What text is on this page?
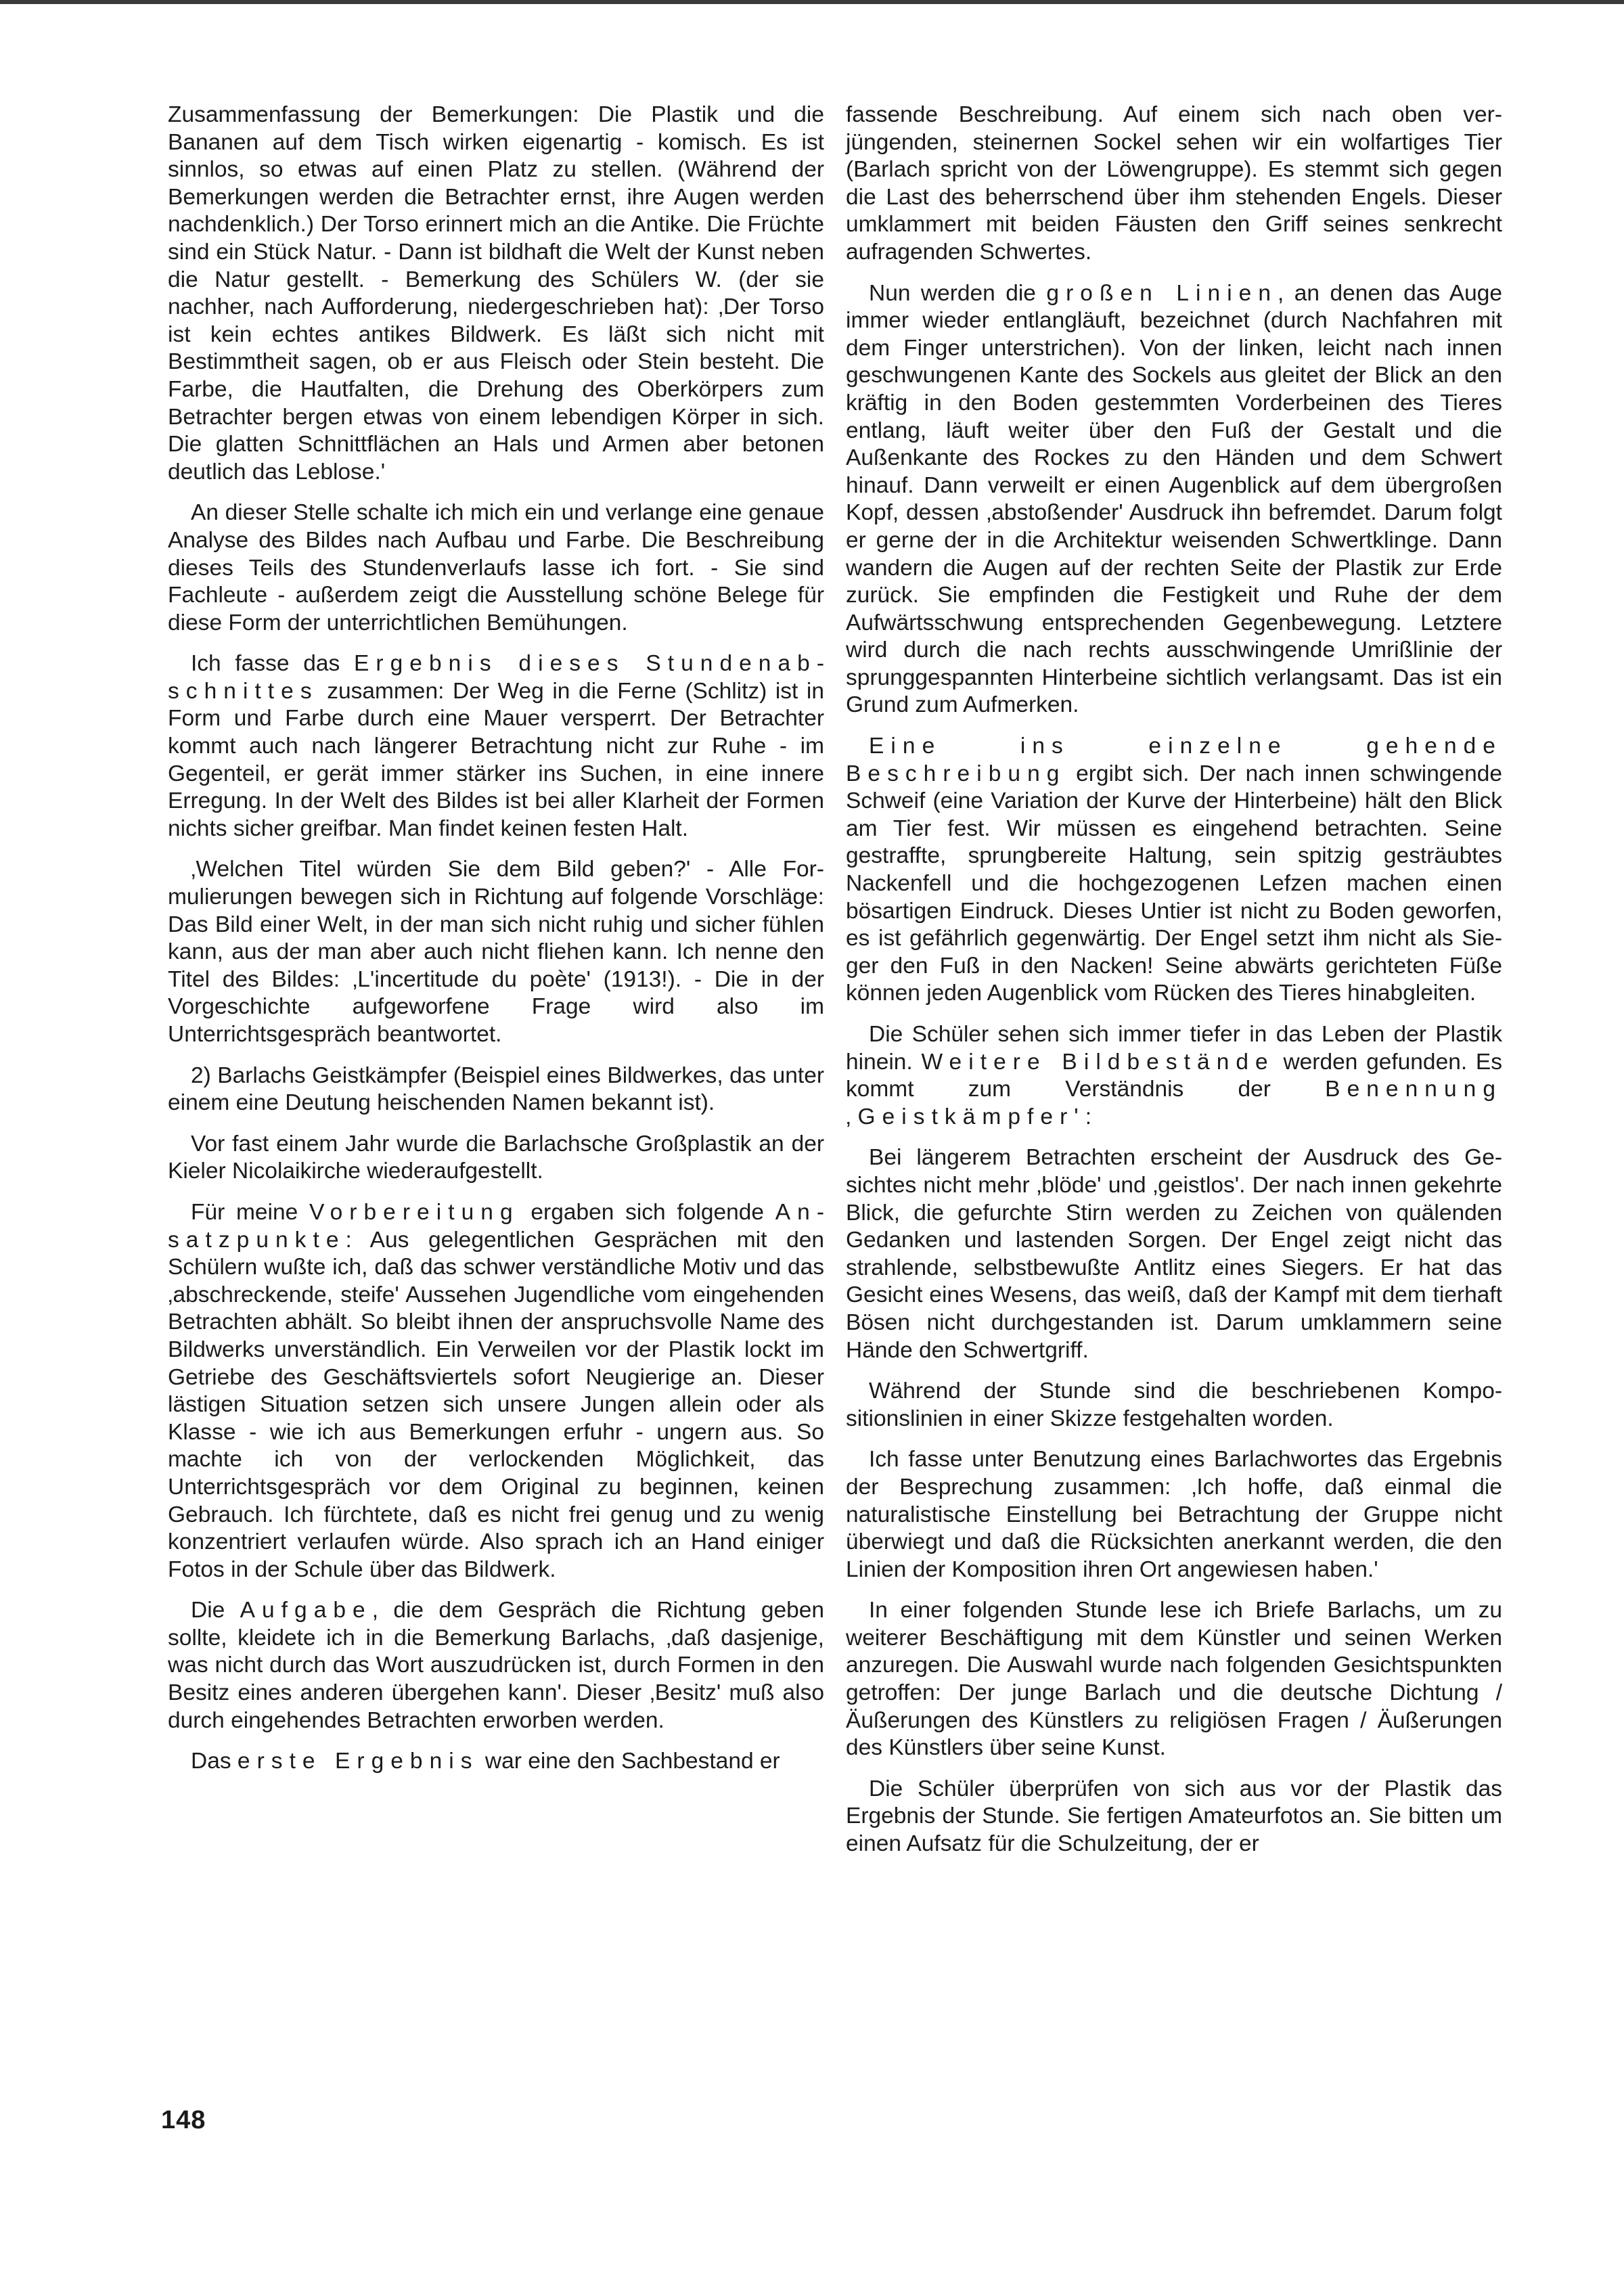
Zusammenfassung der Bemerkungen: Die Plastik und die Bananen auf dem Tisch wirken eigenartig - komisch. Es ist sinnlos, so etwas auf einen Platz zu stellen. (Während der Bemerkungen werden die Betrachter ernst, ihre Augen werden nachdenklich.) Der Torso erinnert mich an die Antike. Die Früchte sind ein Stück Natur. - Dann ist bildhaft die Welt der Kunst neben die Natur gestellt. - Bemerkung des Schülers W. (der sie nachher, nach Aufforderung, niedergeschrieben hat): ‚Der Torso ist kein echtes antikes Bildwerk. Es läßt sich nicht mit Bestimmtheit sagen, ob er aus Fleisch oder Stein besteht. Die Farbe, die Hautfalten, die Drehung des Oberkörpers zum Betrachter bergen etwas von einem lebendigen Körper in sich. Die glatten Schnittflächen an Hals und Armen aber betonen deutlich das Leblose.'

An dieser Stelle schalte ich mich ein und verlange eine genaue Analyse des Bildes nach Aufbau und Farbe. Die Beschreibung dieses Teils des Stundenverlaufs lasse ich fort. - Sie sind Fachleute - außerdem zeigt die Ausstellung schöne Belege für diese Form der unterrichtlichen Bemühungen.

Ich fasse das Ergebnis dieses Stundenabschnittes zusammen: Der Weg in die Ferne (Schlitz) ist in Form und Farbe durch eine Mauer versperrt. Der Betrachter kommt auch nach längerer Betrachtung nicht zur Ruhe - im Gegenteil, er gerät immer stärker ins Suchen, in eine innere Erregung. In der Welt des Bildes ist bei aller Klarheit der Formen nichts sicher greifbar. Man findet keinen festen Halt.

‚Welchen Titel würden Sie dem Bild geben?' - Alle Formulierungen bewegen sich in Richtung auf folgende Vorschläge: Das Bild einer Welt, in der man sich nicht ruhig und sicher fühlen kann, aus der man aber auch nicht fliehen kann. Ich nenne den Titel des Bildes: ‚L'incertitude du poète' (1913!). - Die in der Vorgeschichte aufgeworfene Frage wird also im Unterrichtsgespräch beantwortet.

2) Barlachs Geistkämpfer (Beispiel eines Bildwerkes, das unter einem eine Deutung heischenden Namen bekannt ist).

Vor fast einem Jahr wurde die Barlachsche Großplastik an der Kieler Nicolaikirche wiederaufgestellt.

Für meine Vorbereitung ergaben sich folgende Ansatzpunkte: Aus gelegentlichen Gesprächen mit den Schülern wußte ich, daß das schwer verständliche Motiv und das ‚abschreckende, steife' Aussehen Jugendliche vom eingehenden Betrachten abhält. So bleibt ihnen der anspruchsvolle Name des Bildwerks unverständlich. Ein Verweilen vor der Plastik lockt im Getriebe des Geschäftsviertels sofort Neugierige an. Dieser lästigen Situation setzen sich unsere Jungen allein oder als Klasse - wie ich aus Bemerkungen erfuhr - ungern aus. So machte ich von der verlockenden Möglichkeit, das Unterrichtsgespräch vor dem Original zu beginnen, keinen Gebrauch. Ich fürchtete, daß es nicht frei genug und zu wenig konzentriert verlaufen würde. Also sprach ich an Hand einiger Fotos in der Schule über das Bildwerk.

Die Aufgabe, die dem Gespräch die Richtung geben sollte, kleidete ich in die Bemerkung Barlachs, ‚daß dasjenige, was nicht durch das Wort auszudrücken ist, durch Formen in den Besitz eines anderen übergehen kann'. Dieser ‚Besitz' muß also durch eingehendes Betrachten erworben werden.

Das erste Ergebnis war eine den Sachbestand er

fassende Beschreibung. Auf einem sich nach oben verjüngenden, steinernen Sockel sehen wir ein wolfartiges Tier (Barlach spricht von der Löwengruppe). Es stemmt sich gegen die Last des beherrschend über ihm stehenden Engels. Dieser umklammert mit beiden Fäusten den Griff seines senkrecht aufragenden Schwertes.

Nun werden die großen Linien, an denen das Auge immer wieder entlangläuft, bezeichnet (durch Nachfahren mit dem Finger unterstrichen). Von der linken, leicht nach innen geschwungenen Kante des Sockels aus gleitet der Blick an den kräftig in den Boden gestemmten Vorderbeinen des Tieres entlang, läuft weiter über den Fuß der Gestalt und die Außenkante des Rockes zu den Händen und dem Schwert hinauf. Dann verweilt er einen Augenblick auf dem übergroßen Kopf, dessen ‚abstoßender' Ausdruck ihn befremdet. Darum folgt er gerne der in die Architektur weisenden Schwertklinge. Dann wandern die Augen auf der rechten Seite der Plastik zur Erde zurück. Sie empfinden die Festigkeit und Ruhe der dem Aufwärtsschwung entsprechenden Gegenbewegung. Letztere wird durch die nach rechts ausschwingende Umrißlinie der sprunggespannten Hinterbeine sichtlich verlangsamt. Das ist ein Grund zum Aufmerken.

Eine ins einzelne gehende Beschreibung ergibt sich. Der nach innen schwingende Schweif (eine Variation der Kurve der Hinterbeine) hält den Blick am Tier fest. Wir müssen es eingehend betrachten. Seine gestraffte, sprungbereite Haltung, sein spitzig gesträubtes Nackenfell und die hochgezogenen Lefzen machen einen bösartigen Eindruck. Dieses Untier ist nicht zu Boden geworfen, es ist gefährlich gegenwärtig. Der Engel setzt ihm nicht als Sieger den Fuß in den Nacken! Seine abwärts gerichteten Füße können jeden Augenblick vom Rücken des Tieres hinabgleiten.

Die Schüler sehen sich immer tiefer in das Leben der Plastik hinein. Weitere Bildbestände werden gefunden. Es kommt zum Verständnis der Benennung ‚Geistkämpfer':

Bei längerem Betrachten erscheint der Ausdruck des Gesichtes nicht mehr ‚blöde' und ‚geistlos'. Der nach innen gekehrte Blick, die gefurchte Stirn werden zu Zeichen von quälenden Gedanken und lastenden Sorgen. Der Engel zeigt nicht das strahlende, selbstbewußte Antlitz eines Siegers. Er hat das Gesicht eines Wesens, das weiß, daß der Kampf mit dem tierhaft Bösen nicht durchgestanden ist. Darum umklammern seine Hände den Schwertgriff.

Während der Stunde sind die beschriebenen Kompositionslinien in einer Skizze festgehalten worden.

Ich fasse unter Benutzung eines Barlachwortes das Ergebnis der Besprechung zusammen: ‚Ich hoffe, daß einmal die naturalistische Einstellung bei Betrachtung der Gruppe nicht überwiegt und daß die Rücksichten anerkannt werden, die den Linien der Komposition ihren Ort angewiesen haben.'

In einer folgenden Stunde lese ich Briefe Barlachs, um zu weiterer Beschäftigung mit dem Künstler und seinen Werken anzuregen. Die Auswahl wurde nach folgenden Gesichtspunkten getroffen: Der junge Barlach und die deutsche Dichtung / Äußerungen des Künstlers zu religiösen Fragen / Äußerungen des Künstlers über seine Kunst.

Die Schüler überprüfen von sich aus vor der Plastik das Ergebnis der Stunde. Sie fertigen Amateurfotos an. Sie bitten um einen Aufsatz für die Schulzeitung, der er

148
